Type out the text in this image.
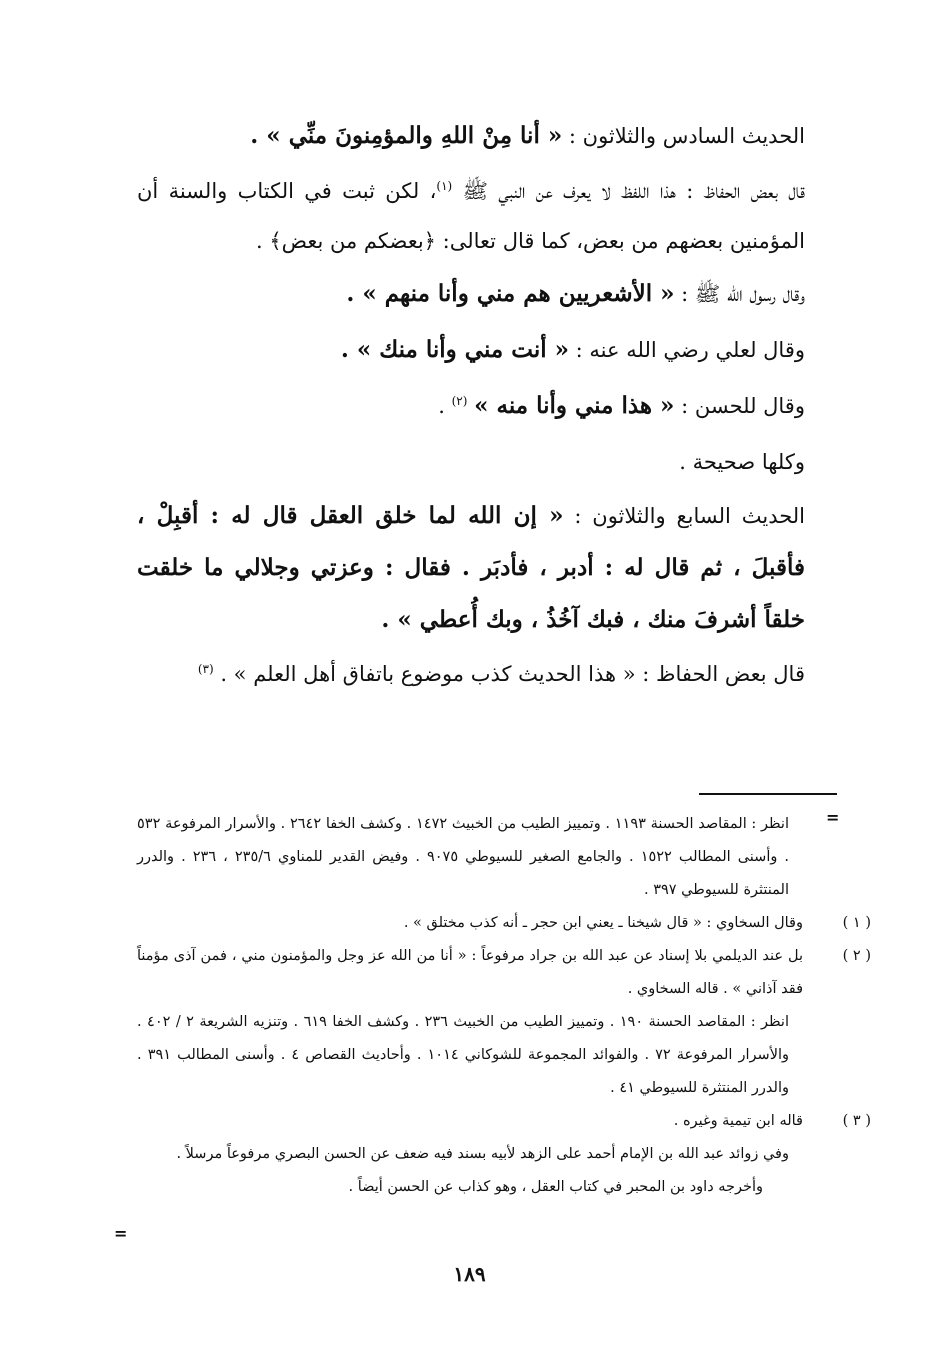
الحديث السادس والثلاثون : « أنا مِنْ اللهِ والمؤمِنونَ منِّي » .

قال بعض الحفاظ : هذا اللفظ لا يعرف عن النبي ﷺ $^{(١)}$، لكن ثبت في الكتاب والسنة أن المؤمنين بعضهم من بعض، كما قال تعالى: ﴿بعضكم من بعض﴾ .

وقال رسول الله ﷺ : « الأشعريين هم مني وأنا منهم » .

وقال لعلي رضي الله عنه : « أنت مني وأنا منك » .

وقال للحسن : « هذا مني وأنا منه » $^{(٢)}$ .

وكلها صحيحة .

الحديث السابع والثلاثون : « إن الله لما خلق العقل قال له : أقبِلْ ، فأقبلَ ، ثم قال له : أدبر ، فأدبَر . فقال : وعزتي وجلالي ما خلقت خلقاً أشرفَ منك ، فبك آخُذُ ، وبك أُعطي » .

قال بعض الحفاظ : « هذا الحديث كذب موضوع باتفاق أهل العلم » . $^{(٣)}$

=

انظر : المقاصد الحسنة ١١٩٣ . وتمييز الطيب من الخبيث ١٤٧٢ . وكشف الخفا ٢٦٤٢ . والأسرار المرفوعة ٥٣٢ . وأسنى المطالب ١٥٢٢ . والجامع الصغير للسيوطي ٩٠٧٥ . وفيض القدير للمناوي ٢٣٥/٦ ، ٢٣٦ . والدرر المنتثرة للسيوطي ٣٩٧ .

( ١ )وقال السخاوي : « قال شيخنا ـ يعني ابن حجر ـ أنه كذب مختلق » .

( ٢ )بل عند الديلمي بلا إسناد عن عبد الله بن جراد مرفوعاً : « أنا من الله عز وجل والمؤمنون مني ، فمن آذى مؤمناً فقد آذاني » . قاله السخاوي .

انظر : المقاصد الحسنة ١٩٠ . وتمييز الطيب من الخبيث ٢٣٦ . وكشف الخفا ٦١٩ . وتنزيه الشريعة ٢ / ٤٠٢ . والأسرار المرفوعة ٧٢ . والفوائد المجموعة للشوكاني ١٠١٤ . وأحاديث القصاص ٤ . وأسنى المطالب ٣٩١ . والدرر المنتثرة للسيوطي ٤١ .

( ٣ )قاله ابن تيمية وغيره .

وفي زوائد عبد الله بن الإمام أحمد على الزهد لأبيه بسند فيه ضعف عن الحسن البصري مرفوعاً مرسلاً .

وأخرجه داود بن المحبر في كتاب العقل ، وهو كذاب عن الحسن أيضاً .

=
١٨٩
